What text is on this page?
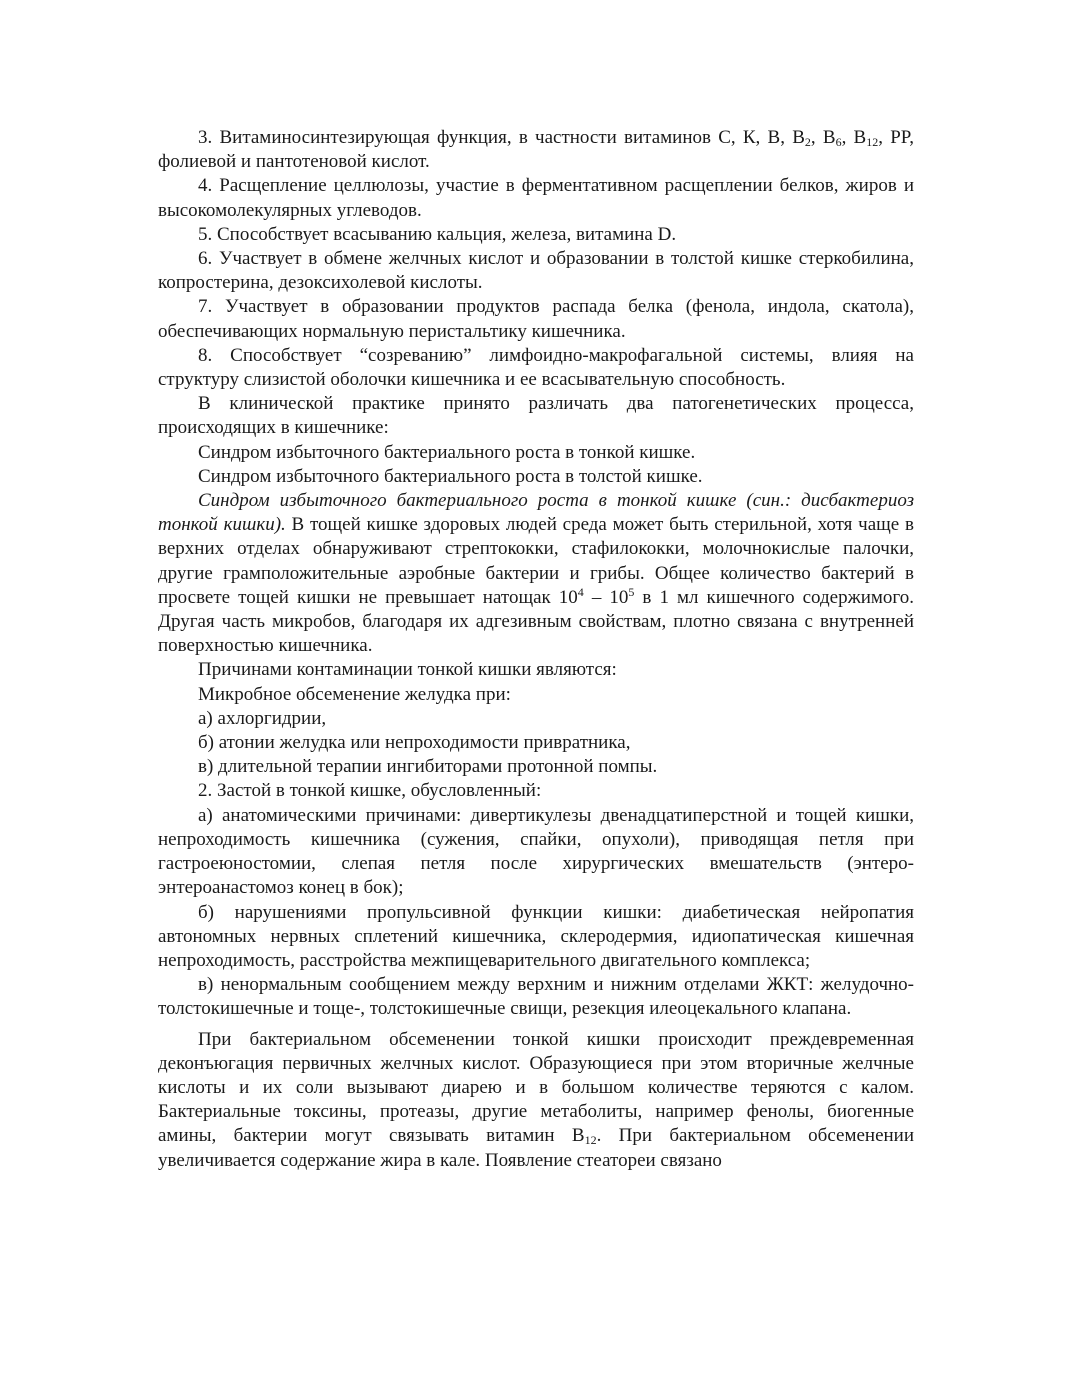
3. Витаминосинтезирующая функция, в частности витаминов С, К, В, $В_2$, $В_6$, $В_{12}$, PP, фолиевой и пантотеновой кислот.

4. Расщепление целлюлозы, участие в ферментативном расщеплении белков, жиров и высокомолекулярных углеводов.

5. Способствует всасыванию кальция, железа, витамина D.

6. Участвует в обмене желчных кислот и образовании в толстой кишке стеркобилина, копростерина, дезоксихолевой кислоты.

7. Участвует в образовании продуктов распада белка (фенола, индола, скатола), обеспечивающих нормальную перистальтику кишечника.

8. Способствует “созреванию” лимфоидно-макрофагальной системы, влияя на структуру слизистой оболочки кишечника и ее всасывательную способность.

В клинической практике принято различать два патогенетических процесса, происходящих в кишечнике:

Синдром избыточного бактериального роста в тонкой кишке.

Синдром избыточного бактериального роста в толстой кишке.

Синдром избыточного бактериального роста в тонкой кишке (син.: дисбактериоз тонкой кишки). В тощей кишке здоровых людей среда может быть стерильной, хотя чаще в верхних отделах обнаруживают стрептококки, стафилококки, молочнокислые палочки, другие грамположительные аэробные бактерии и грибы. Общее количество бактерий в просвете тощей кишки не превышает натощак $10^4 - 10^5$ в 1 мл кишечного содержимого. Другая часть микробов, благодаря их адгезивным свойствам, плотно связана с внутренней поверхностью кишечника.

Причинами контаминации тонкой кишки являются:

Микробное обсеменение желудка при:

а) ахлоргидрии,

б) атонии желудка или непроходимости привратника,

в) длительной терапии ингибиторами протонной помпы.

2. Застой в тонкой кишке, обусловленный:

а) анатомическими причинами: дивертикулезы двенадцатиперстной и тощей кишки, непроходимость кишечника (сужения, спайки, опухоли), приводящая петля при гастроеюностомии, слепая петля после хирургических вмешательств (энтеро-энтероанастомоз конец в бок);

б) нарушениями пропульсивной функции кишки: диабетическая нейропатия автономных нервных сплетений кишечника, склеродермия, идиопатическая кишечная непроходимость, расстройства межпищеварительного двигательного комплекса;

в) ненормальным сообщением между верхним и нижним отделами ЖКТ: желудочно-толстокишечные и тоще-, толстокишечные свищи, резекция илеоцекального клапана.

При бактериальном обсеменении тонкой кишки происходит преждевременная деконъюгация первичных желчных кислот. Образующиеся при этом вторичные желчные кислоты и их соли вызывают диарею и в большом количестве теряются с калом. Бактериальные токсины, протеазы, другие метаболиты, например фенолы, биогенные амины, бактерии могут связывать витамин $В_{12}$. При бактериальном обсеменении увеличивается содержание жира в кале. Появление стеатореи связано
